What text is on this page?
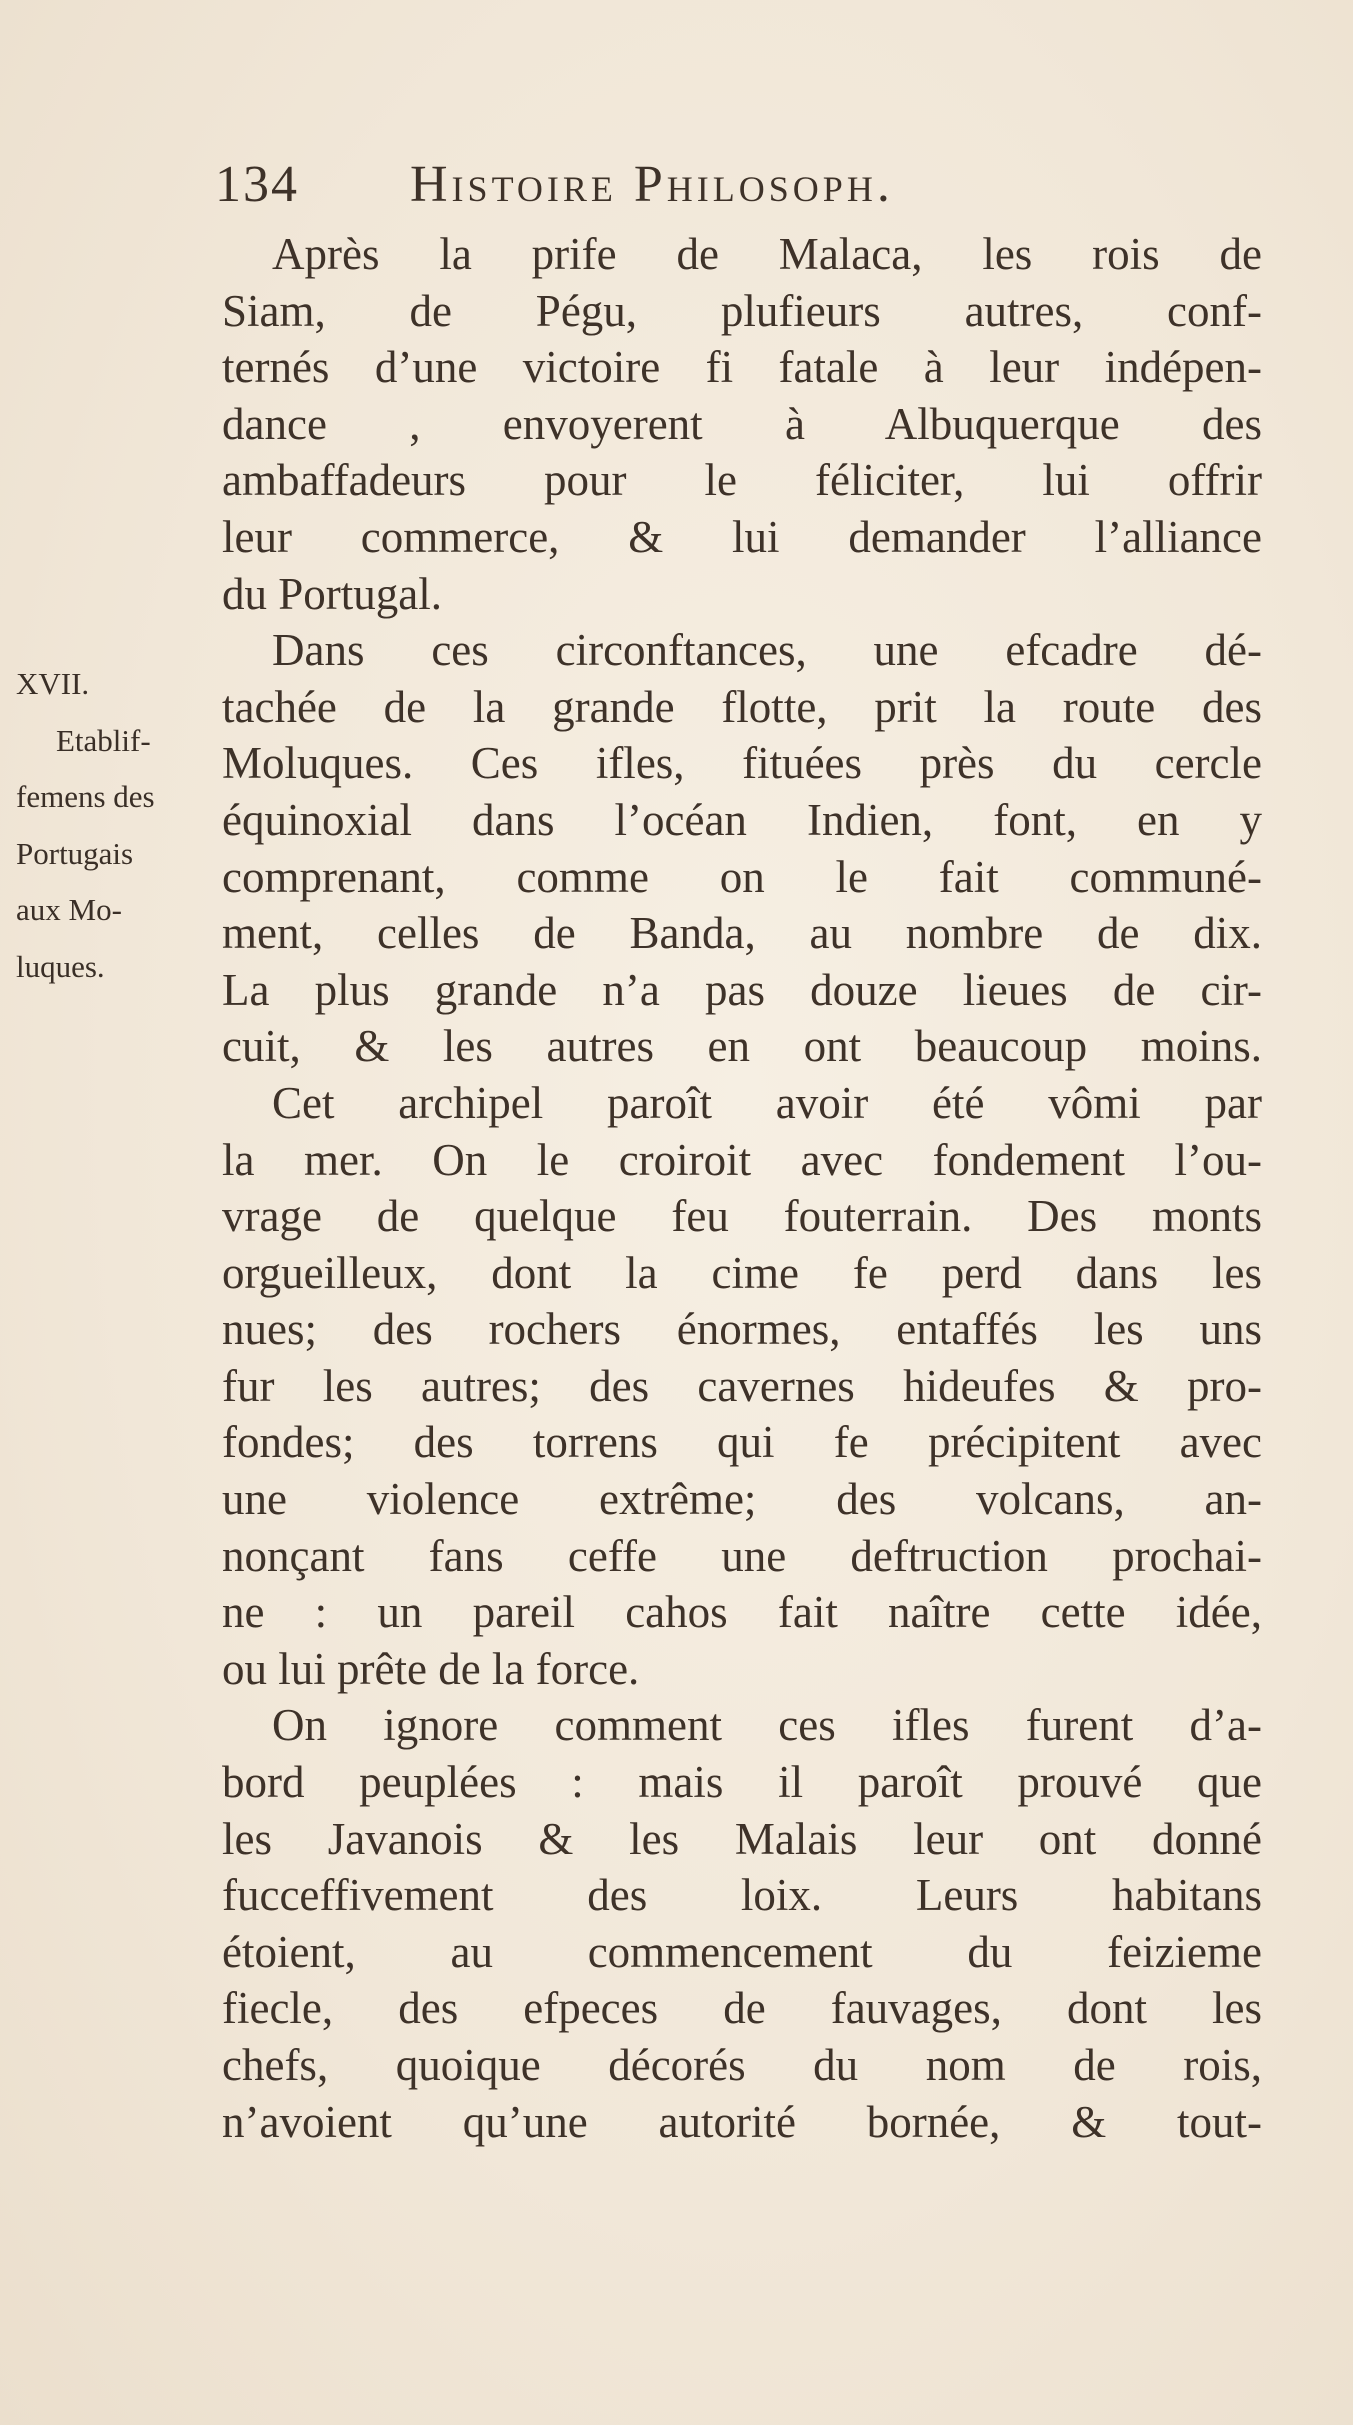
134 Histoire Philosoph.
XVII.
Etablif-
femens des
Portugais
aux Mo-
luques.
Après la prife de Malaca, les rois de
Siam, de Pégu, plufieurs autres, conf-
ternés d’une victoire fi fatale à leur indépen-
dance , envoyerent à Albuquerque des
ambaffadeurs pour le féliciter, lui offrir
leur commerce, & lui demander l’alliance
du Portugal.
Dans ces circonftances, une efcadre dé-
tachée de la grande flotte, prit la route des
Moluques. Ces ifles, fituées près du cercle
équinoxial dans l’océan Indien, font, en y
comprenant, comme on le fait communé-
ment, celles de Banda, au nombre de dix.
La plus grande n’a pas douze lieues de cir-
cuit, & les autres en ont beaucoup moins.
Cet archipel paroît avoir été vômi par
la mer. On le croiroit avec fondement l’ou-
vrage de quelque feu fouterrain. Des monts
orgueilleux, dont la cime fe perd dans les
nues; des rochers énormes, entaffés les uns
fur les autres; des cavernes hideufes & pro-
fondes; des torrens qui fe précipitent avec
une violence extrême; des volcans, an-
nonçant fans ceffe une deftruction prochai-
ne : un pareil cahos fait naître cette idée,
ou lui prête de la force.
On ignore comment ces ifles furent d’a-
bord peuplées : mais il paroît prouvé que
les Javanois & les Malais leur ont donné
fucceffivement des loix. Leurs habitans
étoient, au commencement du feizieme
fiecle, des efpeces de fauvages, dont les
chefs, quoique décorés du nom de rois,
n’avoient qu’une autorité bornée, & tout-
